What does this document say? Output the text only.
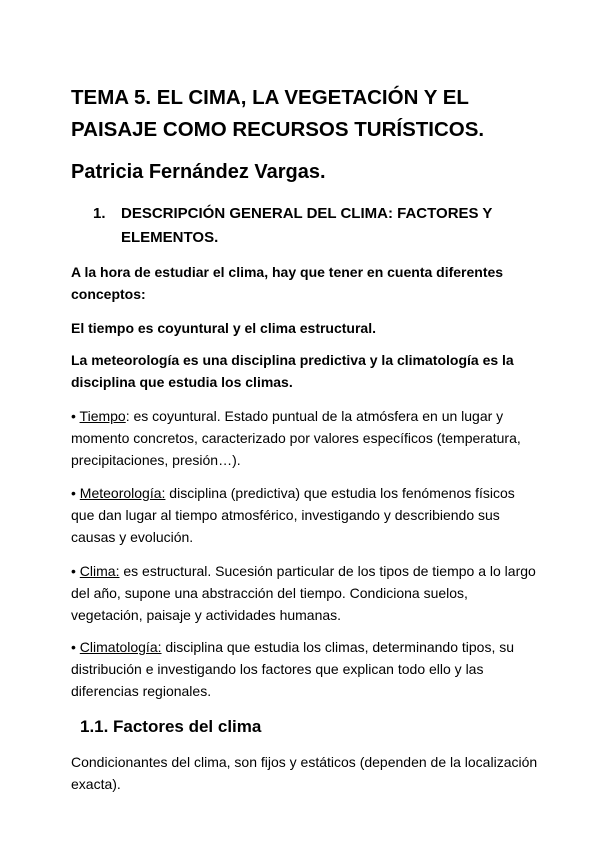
TEMA 5. EL CIMA, LA VEGETACIÓN Y EL PAISAJE COMO RECURSOS TURÍSTICOS.
Patricia Fernández Vargas.
1.	DESCRIPCIÓN GENERAL DEL CLIMA: FACTORES Y ELEMENTOS.

A la hora de estudiar el clima, hay que tener en cuenta diferentes conceptos:

El tiempo es coyuntural y el clima estructural.

La meteorología es una disciplina predictiva y la climatología es la disciplina que estudia los climas.

• Tiempo: es coyuntural. Estado puntual de la atmósfera en un lugar y momento concretos, caracterizado por valores específicos (temperatura, precipitaciones, presión…).

• Meteorología: disciplina (predictiva) que estudia los fenómenos físicos que dan lugar al tiempo atmosférico, investigando y describiendo sus causas y evolución.

• Clima: es estructural. Sucesión particular de los tipos de tiempo a lo largo del año, supone una abstracción del tiempo. Condiciona suelos, vegetación, paisaje y actividades humanas.

• Climatología: disciplina que estudia los climas, determinando tipos, su distribución e investigando los factores que explican todo ello y las diferencias regionales.

1.1. Factores del clima

Condicionantes del clima, son fijos y estáticos (dependen de la localización exacta).
